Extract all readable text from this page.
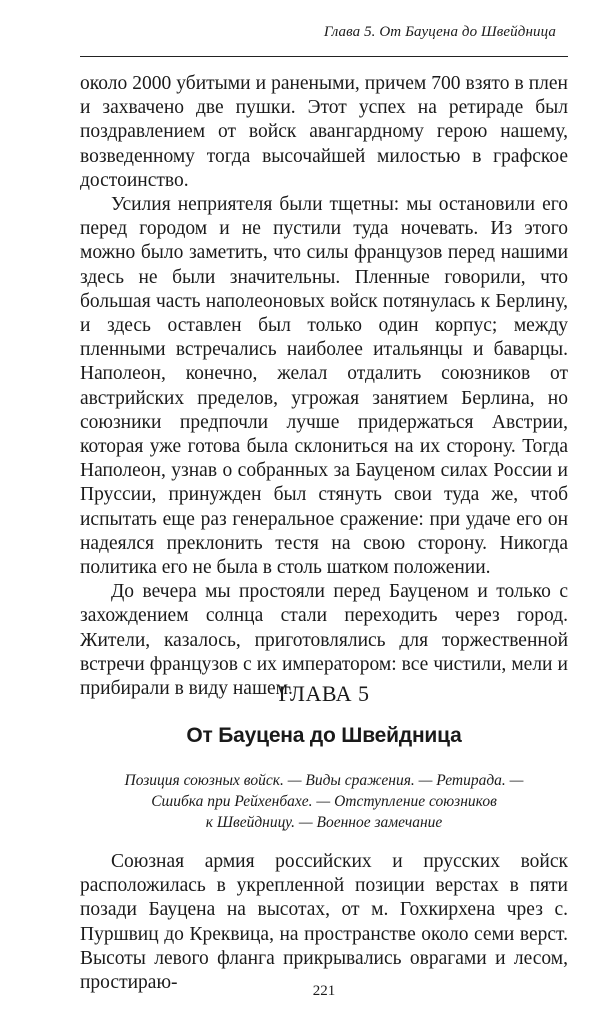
Глава 5. От Бауцена до Швейдница

около 2000 убитыми и ранеными, причем 700 взято в плен и захвачено две пушки. Этот успех на ретираде был поздравлением от войск авангардному герою нашему, возведенному тогда высочайшей милостью в графское достоинство.

Усилия неприятеля были тщетны: мы остановили его перед городом и не пустили туда ночевать. Из этого можно было заметить, что силы французов перед нашими здесь не были значительны. Пленные говорили, что большая часть наполеоновых войск потянулась к Берлину, и здесь оставлен был только один корпус; между пленными встречались наиболее итальянцы и баварцы. Наполеон, конечно, желал отдалить союзников от австрийских пределов, угрожая занятием Берлина, но союзники предпочли лучше придержаться Австрии, которая уже готова была склониться на их сторону. Тогда Наполеон, узнав о собранных за Бауценом силах России и Пруссии, принужден был стянуть свои туда же, чтоб испытать еще раз генеральное сражение: при удаче его он надеялся преклонить тестя на свою сторону. Никогда политика его не была в столь шатком положении.

До вечера мы простояли перед Бауценом и только с захождением солнца стали переходить через город. Жители, казалось, приготовлялись для торжественной встречи французов с их императором: все чистили, мели и прибирали в виду нашем.

ГЛАВА 5
От Бауцена до Швейдница
Позиция союзных войск. — Виды сражения. — Ретирада. —
Сшибка при Рейхенбахе. — Отступление союзников
к Швейдницу. — Военное замечание

Союзная армия российских и прусских войск расположилась в укрепленной позиции верстах в пяти позади Бауцена на высотах, от м. Гохкирхена чрез с. Пуршвиц до Креквица, на пространстве около семи верст. Высоты левого фланга прикрывались оврагами и лесом, простираю-	221
